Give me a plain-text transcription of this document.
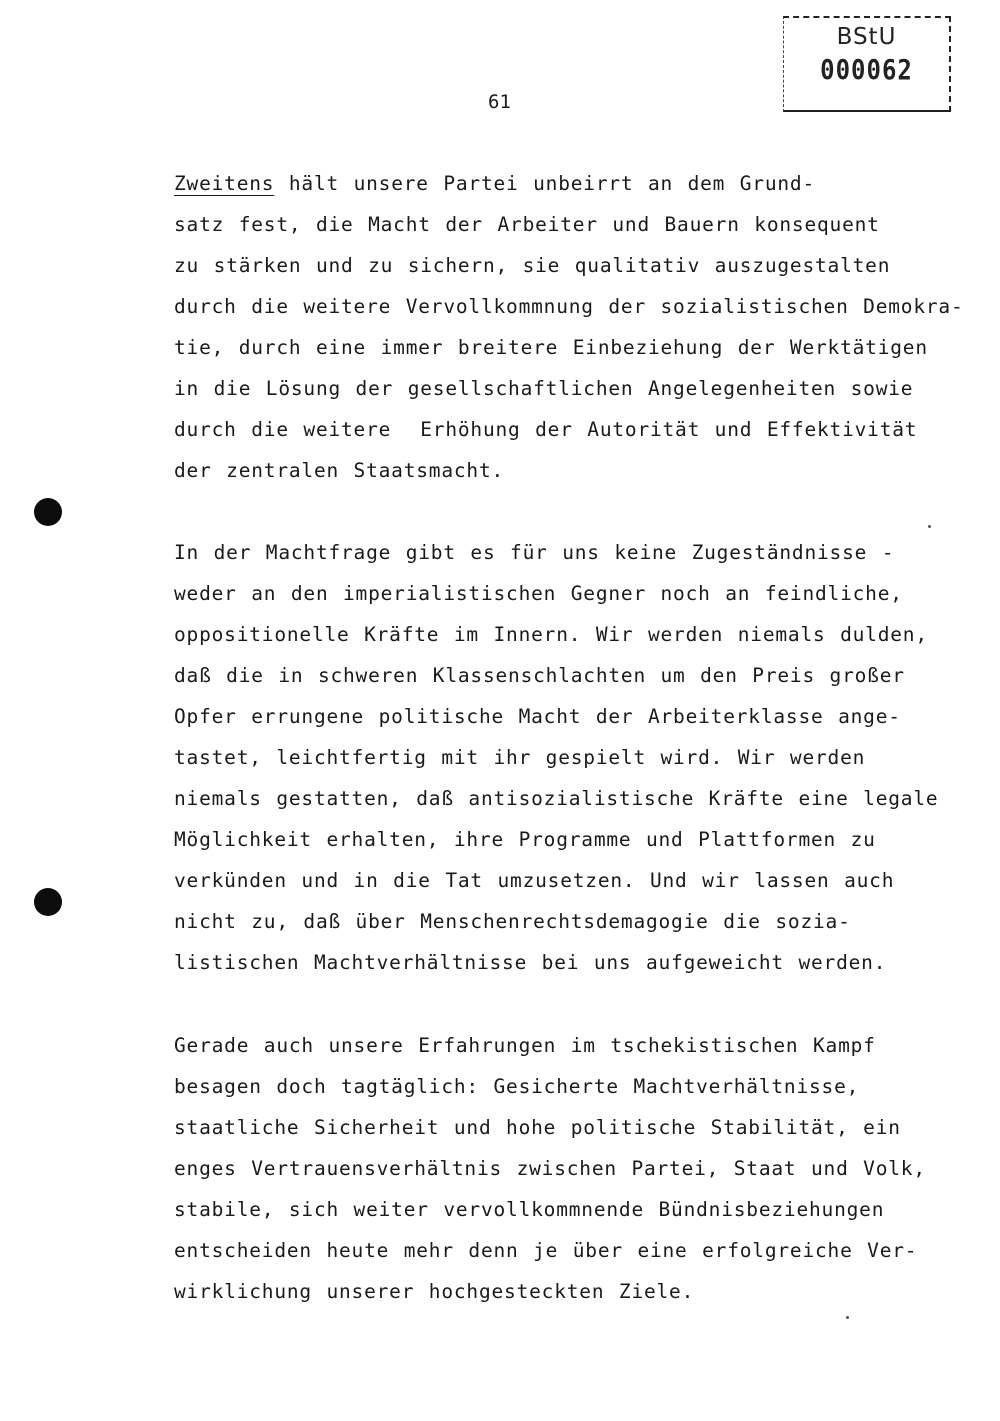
BStU
000062
61
Zweitens hält unsere Partei unbeirrt an dem Grund-
satz fest, die Macht der Arbeiter und Bauern konsequent
zu stärken und zu sichern, sie qualitativ auszugestalten
durch die weitere Vervollkommnung der sozialistischen Demokra-
tie, durch eine immer breitere Einbeziehung der Werktätigen
in die Lösung der gesellschaftlichen Angelegenheiten sowie
durch die weitere  Erhöhung der Autorität und Effektivität
der zentralen Staatsmacht.
In der Machtfrage gibt es für uns keine Zugeständnisse -
weder an den imperialistischen Gegner noch an feindliche,
oppositionelle Kräfte im Innern. Wir werden niemals dulden,
daß die in schweren Klassenschlachten um den Preis großer
Opfer errungene politische Macht der Arbeiterklasse ange-
tastet, leichtfertig mit ihr gespielt wird. Wir werden
niemals gestatten, daß antisozialistische Kräfte eine legale
Möglichkeit erhalten, ihre Programme und Plattformen zu
verkünden und in die Tat umzusetzen. Und wir lassen auch
nicht zu, daß über Menschenrechtsdemagogie die sozia-
listischen Machtverhältnisse bei uns aufgeweicht werden.
Gerade auch unsere Erfahrungen im tschekistischen Kampf
besagen doch tagtäglich: Gesicherte Machtverhältnisse,
staatliche Sicherheit und hohe politische Stabilität, ein
enges Vertrauensverhältnis zwischen Partei, Staat und Volk,
stabile, sich weiter vervollkommnende Bündnisbeziehungen
entscheiden heute mehr denn je über eine erfolgreiche Ver-
wirklichung unserer hochgesteckten Ziele.
